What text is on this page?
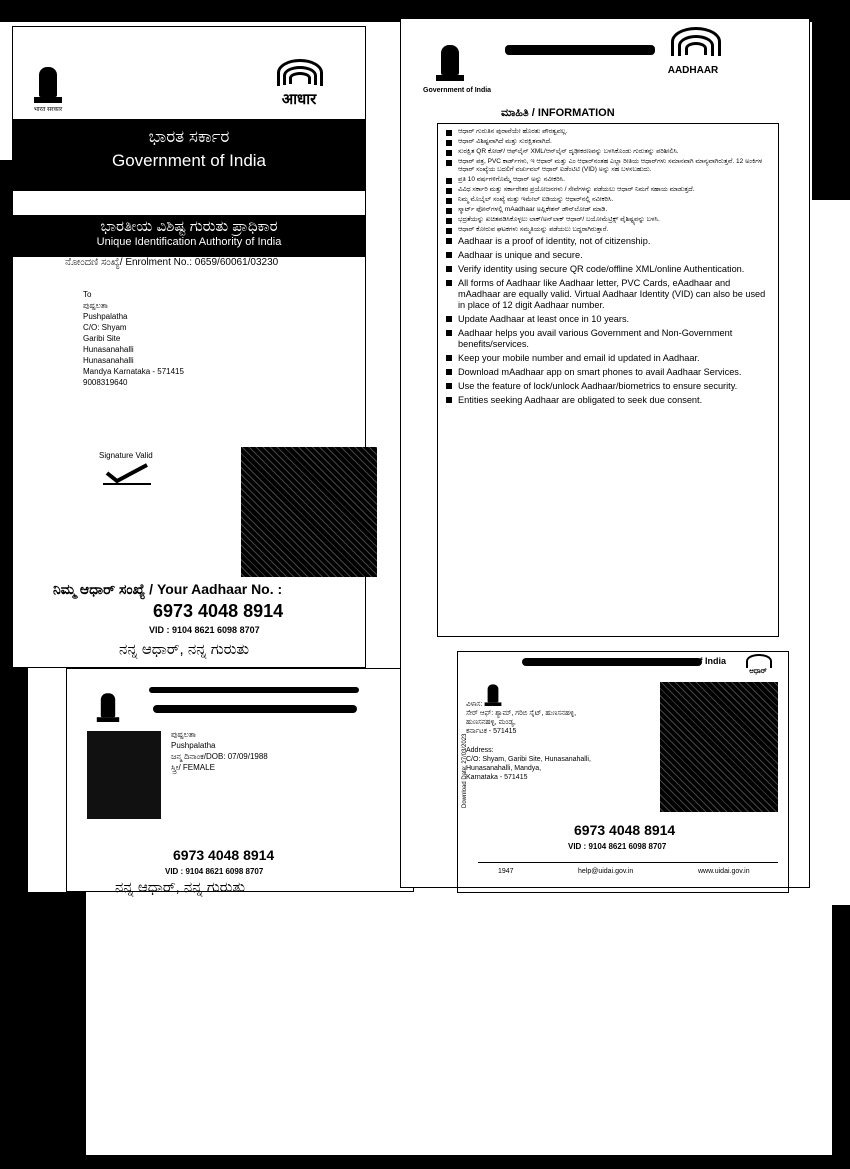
भारत सरकार
आधार
ಭಾರತ ಸರ್ಕಾರ
Government of India
ಭಾರತೀಯ ವಿಶಿಷ್ಟ ಗುರುತು ಪ್ರಾಧಿಕಾರ
Unique Identification Authority of India
ನೋಂದಣಿ ಸಂಖ್ಯೆ/ Enrolment No.: 0659/60061/03230
To
ಪುಷ್ಪಲತಾ
Pushpalatha
C/O: Shyam
Garibi Site
Hunasanahalli
Hunasanahalli
Mandya Karnataka - 571415
9008319640
Signature Valid
ನಿಮ್ಮ ಆಧಾರ್ ಸಂಖ್ಯೆ / Your Aadhaar No. :
6973 4048 8914
VID : 9104 8621 6098 8707
ನನ್ನ ಆಧಾರ್, ನನ್ನ ಗುರುತು
ಪುಷ್ಪಲತಾ
Pushpalatha
ಜನ್ಮ ದಿನಾಂಕ/DOB: 07/09/1988
ಸ್ತ್ರೀ/ FEMALE
6973 4048 8914
VID : 9104 8621 6098 8707
ನನ್ನ ಆಧಾರ್, ನನ್ನ ಗುರುತು
Government of India
AADHAAR
ಮಾಹಿತಿ / INFORMATION
ಆಧಾರ್ ಗುರುತಿನ ಪುರಾವೆಯೇ ಹೊರತು ಪೌರತ್ವವಲ್ಲ.
ಆಧಾರ್ ವಿಶಿಷ್ಟವಾಗಿದೆ ಮತ್ತು ಸುರಕ್ಷಿತವಾಗಿದೆ.
ಸುರಕ್ಷಿತ QR ಕೋಡ್/ ಆಫ್‌ಲೈನ್ XML/ಆನ್‌ಲೈನ್ ದೃಢೀಕರಣವನ್ನು ಬಳಸಿಕೊಂಡು ಗುರುತನ್ನು ಪರಿಶೀಲಿಸಿ.
ಆಧಾರ್ ಪತ್ರ, PVC ಕಾರ್ಡ್‌ಗಳು, ಇ ಆಧಾರ್ ಮತ್ತು ಎಂ ಆಧಾರ್‌ನಂತಹ ಎಲ್ಲಾ ರೀತಿಯ ಆಧಾರ್‌ಗಳು ಸಮಾನವಾಗಿ ಮಾನ್ಯವಾಗಿರುತ್ತವೆ. 12 ಅಂಕಿಗಳ ಆಧಾರ್ ಸಂಖ್ಯೆಯ ಬದಲಿಗೆ ವರ್ಚುವಲ್ ಆಧಾರ್ ಐಡೆಂಟಿಟಿ (VID) ಅನ್ನು ಸಹ ಬಳಸಬಹುದು.
ಪ್ರತಿ 10 ವರ್ಷಗಳಿಗೊಮ್ಮೆ ಆಧಾರ್ ಅನ್ನು ನವೀಕರಿಸಿ.
ವಿವಿಧ ಸರ್ಕಾರಿ ಮತ್ತು ಸರ್ಕಾರೇತರ ಪ್ರಯೋಜನಗಳು / ಸೇವೆಗಳನ್ನು ಪಡೆಯಲು ಆಧಾರ್ ನಿಮಗೆ ಸಹಾಯ ಮಾಡುತ್ತದೆ.
ನಿಮ್ಮ ಮೊಬೈಲ್ ಸಂಖ್ಯೆ ಮತ್ತು ಇಮೇಲ್ ಐಡಿಯನ್ನು ಆಧಾರ್‌ನಲ್ಲಿ ನವೀಕರಿಸಿ.
ಸ್ಮಾರ್ಟ್ ಫೋನ್‌ಗಳಲ್ಲಿ mAadhaar ಅಪ್ಲಿಕೇಶನ್ ಡೌನ್‌ಲೋಡ್ ಮಾಡಿ.
ಭದ್ರತೆಯನ್ನು ಖಚಿತಪಡಿಸಿಕೊಳ್ಳಲು ಲಾಕ್/ಅನ್‌ಲಾಕ್ ಆಧಾರ್/ ಬಯೋಮೆಟ್ರಿಕ್ಸ್ ವೈಶಿಷ್ಟ್ಯವನ್ನು ಬಳಸಿ.
ಆಧಾರ್ ಕೋರುವ ಘಟಕಗಳು ಸಮ್ಮತಿಯನ್ನು ಪಡೆಯಲು ಬದ್ಧರಾಗಿರುತ್ತಾರೆ.
Aadhaar is a proof of identity, not of citizenship.
Aadhaar is unique and secure.
Verify identity using secure QR code/offline XML/online Authentication.
All forms of Aadhaar like Aadhaar letter, PVC Cards, eAadhaar and mAadhaar are equally valid. Virtual Aadhaar Identity (VID) can also be used in place of 12 digit Aadhaar number.
Update Aadhaar at least once in 10 years.
Aadhaar helps you avail various Government and Non-Government benefits/services.
Keep your mobile number and email id updated in Aadhaar.
Download mAadhaar app on smart phones to avail Aadhaar Services.
Use the feature of lock/unlock Aadhaar/biometrics to ensure security.
Entities seeking Aadhaar are obligated to seek due consent.
of India
ಆಧಾರ್
Download Date: 27/03/2023
ವಿಳಾಸ:
ಸೇರ್ ಆಫ್: ಶ್ಯಾಮ್, ಗರಿಬಿ ಸೈಟ್, ಹುಣಸನಹಳ್ಳಿ,
ಹುಣಸನಹಳ್ಳಿ, ಮಂಡ್ಯ,
ಕರ್ನಾಟಕ - 571415
Address:
C/O: Shyam, Garibi Site, Hunasanahalli,
Hunasanahalli, Mandya,
Karnataka - 571415
6973 4048 8914
VID : 9104 8621 6098 8707
1947	help@uidai.gov.in	www.uidai.gov.in
